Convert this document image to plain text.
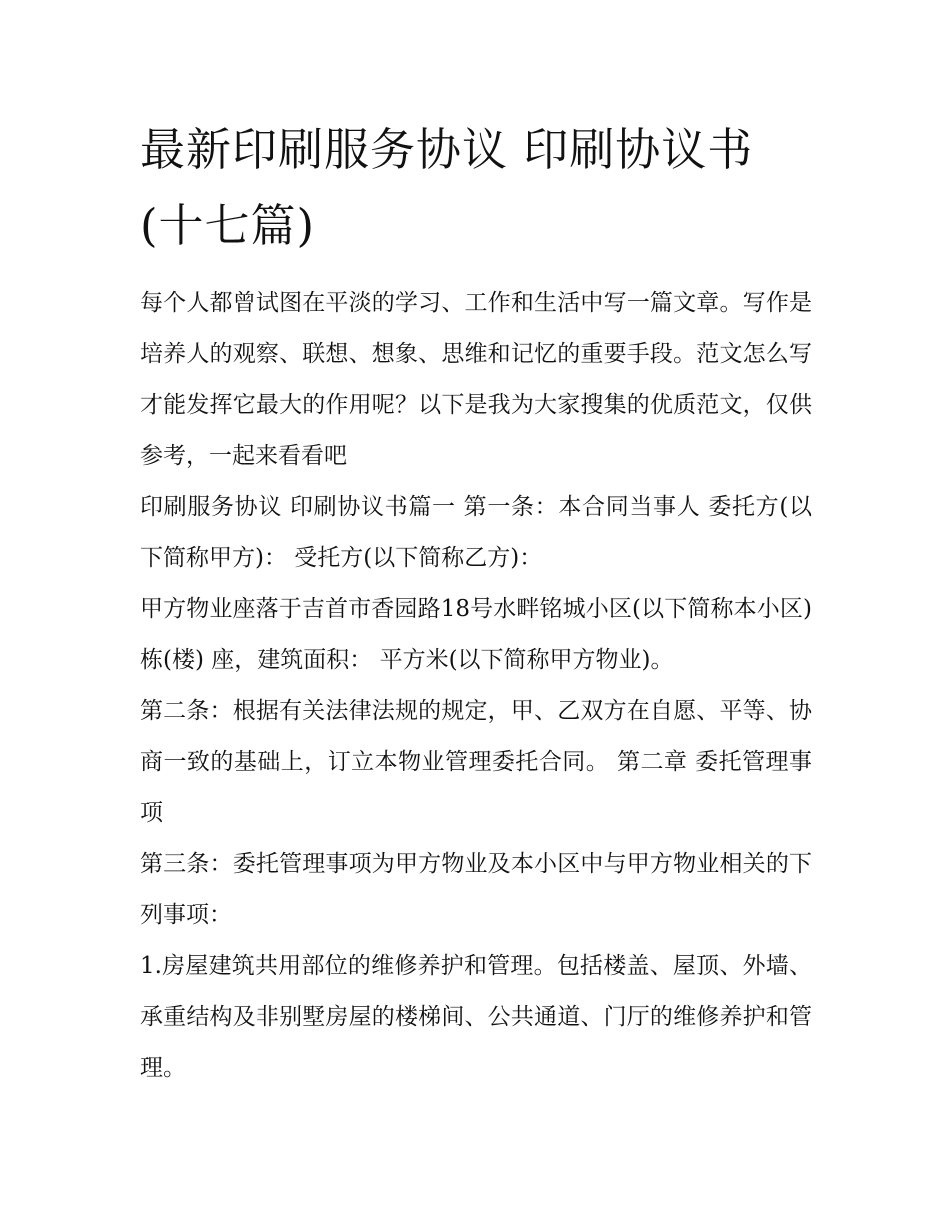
最新印刷服务协议 印刷协议书(十七篇)

每个人都曾试图在平淡的学习、工作和生活中写一篇文章。写作是培养人的观察、联想、想象、思维和记忆的重要手段。范文怎么写才能发挥它最大的作用呢？以下是我为大家搜集的优质范文，仅供参考，一起来看看吧

印刷服务协议 印刷协议书篇一 第一条：本合同当事人 委托方(以下简称甲方)： 受托方(以下简称乙方)：

甲方物业座落于吉首市香园路18号水畔铭城小区(以下简称本小区) 栋(楼) 座，建筑面积： 平方米(以下简称甲方物业)。

第二条：根据有关法律法规的规定，甲、乙双方在自愿、平等、协商一致的基础上，订立本物业管理委托合同。 第二章 委托管理事项

第三条：委托管理事项为甲方物业及本小区中与甲方物业相关的下列事项：

1.房屋建筑共用部位的维修养护和管理。包括楼盖、屋顶、外墙、承重结构及非别墅房屋的楼梯间、公共通道、门厅的维修养护和管理。
